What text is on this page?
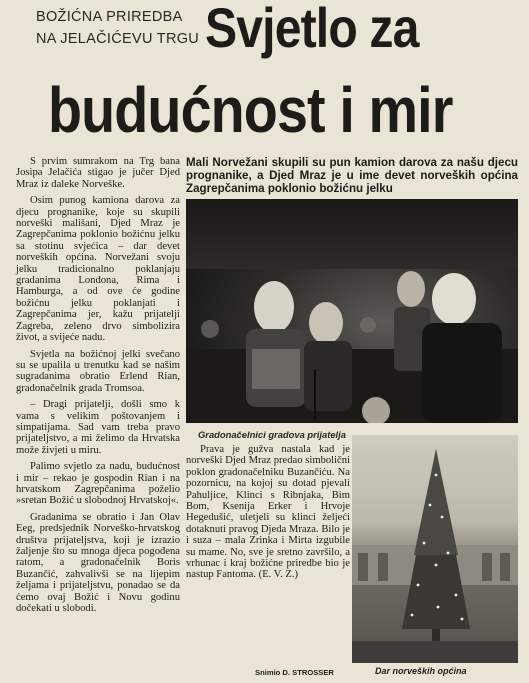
BOŽIĆNA PRIREDBA
NA JELAČIĆEVU TRGU Svjetlo za
budućnost i mir

S prvim sumrakom na Trg bana Josipa Jelačića stigao je jučer Djed Mraz iz daleke Norveške.

Osim punog kamiona darova za djecu prognanike, koje su skupili norveški mališani, Djed Mraz je Zagrepčanima poklonio božićnu jelku sa stotinu svjećica – dar devet norveških općina. Norvežani svoju jelku tradicionalno poklanjaju gradanima Londona, Rima i Hamburga, a od ove će godine božićnu jelku poklanjati i Zagrepčanima jer, kažu prijatelji Zagreba, zeleno drvo simbolizira život, a svijeće nadu.

Svjetla na božićnoj jelki svečano su se upalila u trenutku kad se našim sugradanima obratio Erlend Rian, gradonačelnik grada Tromsoa.

– Dragi prijatelji, došli smo k vama s velikim poštovanjem i simpatijama. Sad vam treba pravo prijateljstvo, a mi želimo da Hrvatska može živjeti u miru.

Palimo svjetlo za nadu, budućnost i mir – rekao je gospodin Rian i na hrvatskom Zagrepčanima poželio »sretan Božić u slobodnoj Hrvatskoj«.

Gradanima se obratio i Jan Olav Eeg, predsjednik Norveško-hrvatskog društva prijateljstva, koji je izrazio žaljenje što su mnoga djeca pogođena ratom, a gradonačelnik Boris Buzančić, zahvalivši se na lijepim željama i prijateljstvu, ponadao se da ćemo ovaj Božić i Novu godinu dočekati u slobodi.

Mali Norvežani skupili su pun kamion darova za našu djecu prognanike, a Djed Mraz je u ime devet norveških općina Zagrepčanima poklonio božićnu jelku
Gradonačelnici gradova prijatelja

Prava je gužva nastala kad je norveški Djed Mraz predao simbolični poklon gradonačelniku Buzančiću. Na pozornicu, na kojoj su dotad pjevali Pahuljice, Klinci s Ribnjaka, Bim Bom, Ksenija Erker i Hrvoje Hegedušić, uletjeli su klinci željeći dotaknuti pravog Djeda Mraza. Bilo je i suza – mala Zrinka i Mirta izgubile su mame. No, sve je sretno završilo, a vrhunac i kraj božićne priredbe bio je nastup Fantoma. (E. V. Z.)

Snimio D. STROSSER	Dar norveških općina
